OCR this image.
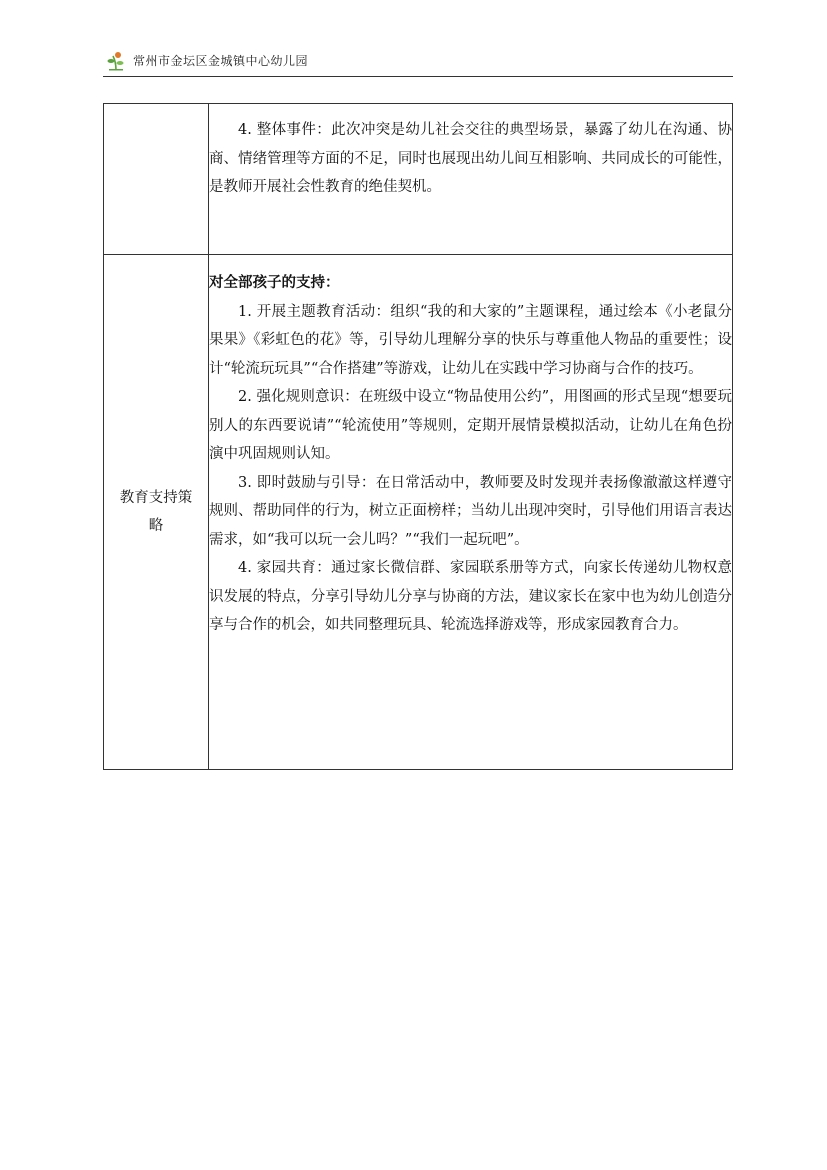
常州市金坛区金城镇中心幼儿园

	4. 整体事件：此次冲突是幼儿社会交往的典型场景，暴露了幼儿在沟通、协商、情绪管理等方面的不足，同时也展现出幼儿间互相影响、共同成长的可能性，是教师开展社会性教育的绝佳契机。

教育支持策略	对全部孩子的支持：

1. 开展主题教育活动：组织“我的和大家的”主题课程，通过绘本《小老鼠分果果》《彩虹色的花》等，引导幼儿理解分享的快乐与尊重他人物品的重要性；设计“轮流玩玩具”“合作搭建”等游戏，让幼儿在实践中学习协商与合作的技巧。

2. 强化规则意识：在班级中设立“物品使用公约”，用图画的形式呈现“想要玩别人的东西要说请”“轮流使用”等规则，定期开展情景模拟活动，让幼儿在角色扮演中巩固规则认知。

3. 即时鼓励与引导：在日常活动中，教师要及时发现并表扬像澈澈这样遵守规则、帮助同伴的行为，树立正面榜样；当幼儿出现冲突时，引导他们用语言表达需求，如“我可以玩一会儿吗？”“我们一起玩吧”。

4. 家园共育：通过家长微信群、家园联系册等方式，向家长传递幼儿物权意识发展的特点，分享引导幼儿分享与协商的方法，建议家长在家中也为幼儿创造分享与合作的机会，如共同整理玩具、轮流选择游戏等，形成家园教育合力。
